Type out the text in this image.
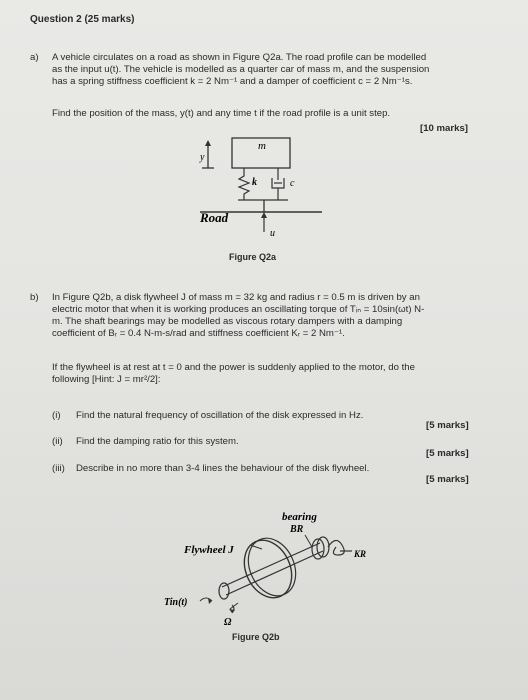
Question 2 (25 marks)
a) A vehicle circulates on a road as shown in Figure Q2a. The road profile can be modelled
as the input u(t). The vehicle is modelled as a quarter car of mass m, and the suspension
has a spring stiffness coefficient k = 2 Nm⁻¹ and a damper of coefficient c = 2 Nm⁻¹s.
Find the position of the mass, y(t) and any time t if the road profile is a unit step.
[10 marks]
m
y
k	c
Road
u
Figure Q2a
b) In Figure Q2b, a disk flywheel J of mass m = 32 kg and radius r = 0.5 m is driven by an
electric motor that when it is working produces an oscillating torque of Tᵢₙ = 10sin(ωt) N-
m. The shaft bearings may be modelled as viscous rotary dampers with a damping
coefficient of Bᵣ = 0.4 N-m-s/rad and stiffness coefficient Kᵣ = 2 Nm⁻¹.
If the flywheel is at rest at t = 0 and the power is suddenly applied to the motor, do the
following [Hint: J = mr²/2]:
(i) Find the natural frequency of oscillation of the disk expressed in Hz.
[5 marks]
(ii) Find the damping ratio for this system.
[5 marks]
(iii) Describe in no more than 3-4 lines the behaviour of the disk flywheel.
[5 marks]
bearing
BR
KR
Flywheel J
Tin(t)
Ω
Figure Q2b
